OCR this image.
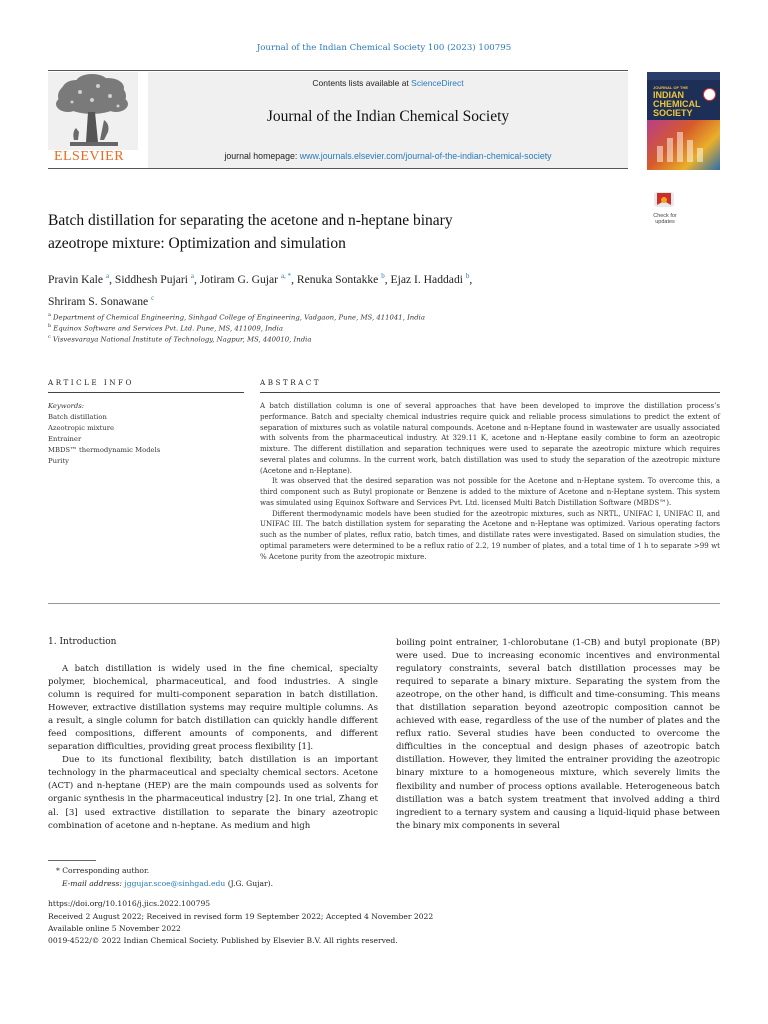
Journal of the Indian Chemical Society 100 (2023) 100795
ELSEVIER
Contents lists available at ScienceDirect
Journal of the Indian Chemical Society
journal homepage: www.journals.elsevier.com/journal-of-the-indian-chemical-society
JOURNAL OF THE
INDIAN
CHEMICAL
SOCIETY
Batch distillation for separating the acetone and n-heptane binary
azeotrope mixture: Optimization and simulation
Check for
updates
Pravin Kale $^a$, Siddhesh Pujari $^a$, Jotiram G. Gujar $^{a, *}$, Renuka Sontakke $^b$, Ejaz I. Haddadi $^b$,
Shriram S. Sonawane $^c$
$^a$ Department of Chemical Engineering, Sinhgad College of Engineering, Vadgaon, Pune, MS, 411041, India
$^b$ Equinox Software and Services Pvt. Ltd. Pune, MS, 411009, India
$^c$ Visvesvaraya National Institute of Technology, Nagpur, MS, 440010, India
ARTICLE INFO	ABSTRACT
Keywords:
Batch distillation
Azeotropic mixture
Entrainer
MBDS™ thermodynamic Models
Purity

A batch distillation column is one of several approaches that have been developed to improve the distillation process’s performance. Batch and specialty chemical industries require quick and reliable process simulations to predict the extent of separation of mixtures such as volatile natural compounds. Acetone and n-Heptane found in wastewater are usually associated with solvents from the pharmaceutical industry. At 329.11 K, acetone and n-Heptane easily combine to form an azeotropic mixture. The different distillation and separation techniques were used to separate the azeotropic mixture which requires several plates and columns. In the current work, batch distillation was used to study the separation of the azeotropic mixture (Acetone and n-Heptane).

It was observed that the desired separation was not possible for the Acetone and n-Heptane system. To overcome this, a third component such as Butyl propionate or Benzene is added to the mixture of Acetone and n-Heptane system. This system was simulated using Equinox Software and Services Pvt. Ltd. licensed Multi Batch Distillation Software (MBDS™).

Different thermodynamic models have been studied for the azeotropic mixtures, such as NRTL, UNIFAC I, UNIFAC II, and UNIFAC III. The batch distillation system for separating the Acetone and n-Heptane was optimized. Various operating factors such as the number of plates, reflux ratio, batch times, and distillate rates were investigated. Based on simulation studies, the optimal parameters were determined to be a reflux ratio of 2.2, 19 number of plates, and a total time of 1 h to separate >99 wt % Acetone purity from the azeotropic mixture.

1. Introduction

A batch distillation is widely used in the fine chemical, specialty polymer, biochemical, pharmaceutical, and food industries. A single column is required for multi-component separation in batch distillation. However, extractive distillation systems may require multiple columns. As a result, a single column for batch distillation can quickly handle different feed compositions, different amounts of components, and different separation difficulties, providing great process flexibility [1].

Due to its functional flexibility, batch distillation is an important technology in the pharmaceutical and specialty chemical sectors. Acetone (ACT) and n-heptane (HEP) are the main compounds used as solvents for organic synthesis in the pharmaceutical industry [2]. In one trial, Zhang et al. [3] used extractive distillation to separate the binary azeotropic combination of acetone and n-heptane. As medium and high

boiling point entrainer, 1-chlorobutane (1-CB) and butyl propionate (BP) were used. Due to increasing economic incentives and environmental regulatory constraints, several batch distillation processes may be required to separate a binary mixture. Separating the system from the azeotrope, on the other hand, is difficult and time-consuming. This means that distillation separation beyond azeotropic composition cannot be achieved with ease, regardless of the use of the number of plates and the reflux ratio. Several studies have been conducted to overcome the difficulties in the conceptual and design phases of azeotropic batch distillation. However, they limited the entrainer providing the azeotropic binary mixture to a homogeneous mixture, which severely limits the flexibility and number of process options available. Heterogeneous batch distillation was a batch system treatment that involved adding a third ingredient to a ternary system and causing a liquid-liquid phase between the binary mix components in several

* Corresponding author.
E-mail address: jggujar.scoe@sinhgad.edu (J.G. Gujar).
https://doi.org/10.1016/j.jics.2022.100795
Received 2 August 2022; Received in revised form 19 September 2022; Accepted 4 November 2022
Available online 5 November 2022
0019-4522/© 2022 Indian Chemical Society. Published by Elsevier B.V. All rights reserved.
